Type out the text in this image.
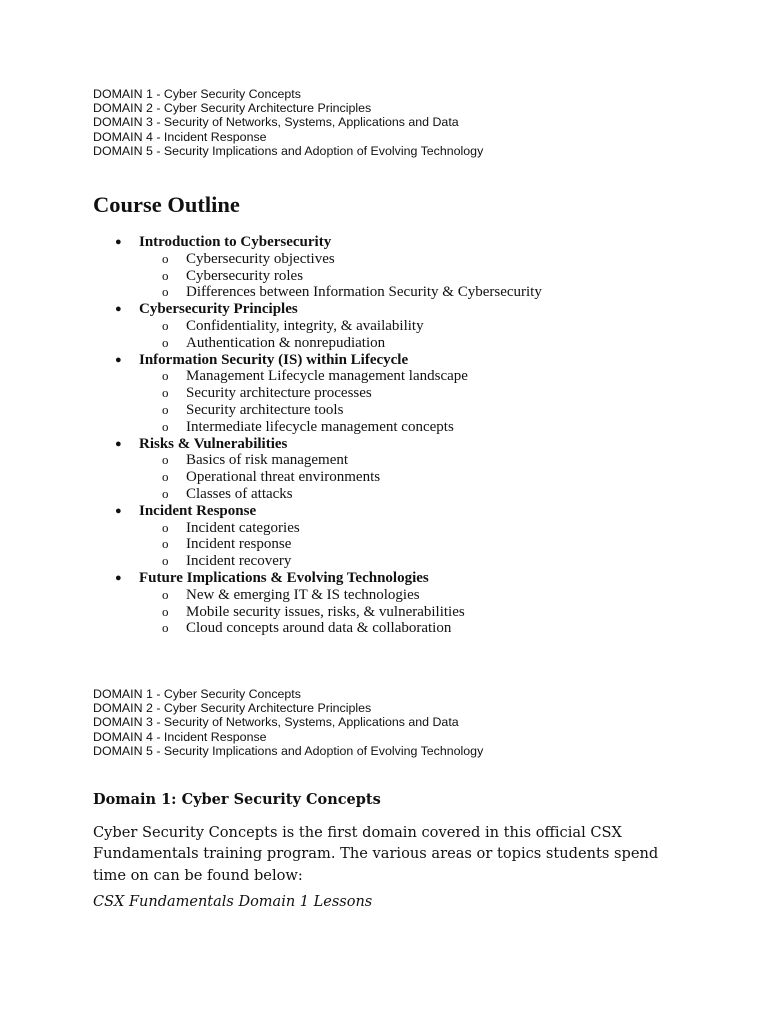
DOMAIN 1 - Cyber Security Concepts
DOMAIN 2 - Cyber Security Architecture Principles
DOMAIN 3 - Security of Networks, Systems, Applications and Data
DOMAIN 4 - Incident Response
DOMAIN 5 - Security Implications and Adoption of Evolving Technology
Course Outline
● Introduction to Cybersecurity
o Cybersecurity objectives
o Cybersecurity roles
o Differences between Information Security & Cybersecurity
● Cybersecurity Principles
o Confidentiality, integrity, & availability
o Authentication & nonrepudiation
● Information Security (IS) within Lifecycle
o Management Lifecycle management landscape
o Security architecture processes
o Security architecture tools
o Intermediate lifecycle management concepts
● Risks & Vulnerabilities
o Basics of risk management
o Operational threat environments
o Classes of attacks
● Incident Response
o Incident categories
o Incident response
o Incident recovery
● Future Implications & Evolving Technologies
o New & emerging IT & IS technologies
o Mobile security issues, risks, & vulnerabilities
o Cloud concepts around data & collaboration
DOMAIN 1 - Cyber Security Concepts
DOMAIN 2 - Cyber Security Architecture Principles
DOMAIN 3 - Security of Networks, Systems, Applications and Data
DOMAIN 4 - Incident Response
DOMAIN 5 - Security Implications and Adoption of Evolving Technology
Domain 1: Cyber Security Concepts

Cyber Security Concepts is the first domain covered in this official CSX Fundamentals training program. The various areas or topics students spend time on can be found below:

CSX Fundamentals Domain 1 Lessons
